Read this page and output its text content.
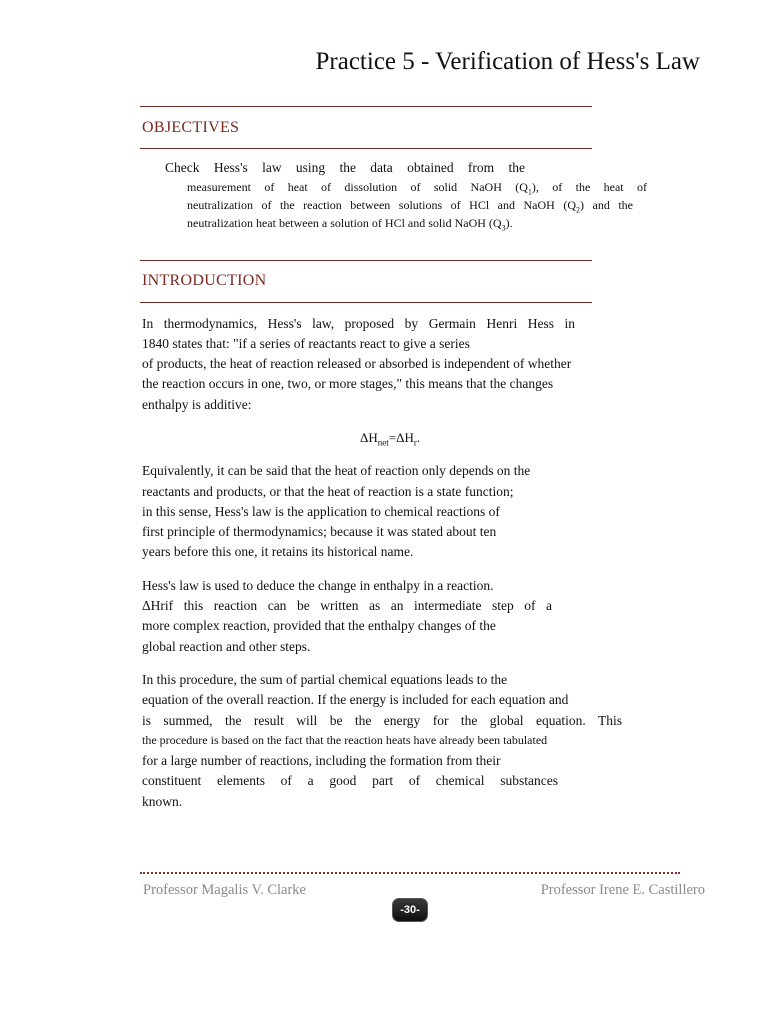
Practice 5 - Verification of Hess's Law
OBJECTIVES
Check Hess's law using the data obtained from the
measurement of heat of dissolution of solid NaOH $(Q_1)$, of the heat of
neutralization of the reaction between solutions of HCl and NaOH $(Q_2)$ and the
neutralization heat between a solution of HCl and solid NaOH $(Q_3)$.
INTRODUCTION
In thermodynamics, Hess's law, proposed by Germain Henri Hess in
1840 states that: "if a series of reactants react to give a series
of products, the heat of reaction released or absorbed is independent of whether
the reaction occurs in one, two, or more stages," this means that the changes
enthalpy is additive:
$\Delta H_{net}=\Delta H_r$.
Equivalently, it can be said that the heat of reaction only depends on the
reactants and products, or that the heat of reaction is a state function;
in this sense, Hess's law is the application to chemical reactions of
first principle of thermodynamics; because it was stated about ten
years before this one, it retains its historical name.
Hess's law is used to deduce the change in enthalpy in a reaction.
ΔHrif this reaction can be written as an intermediate step of a
more complex reaction, provided that the enthalpy changes of the
global reaction and other steps.
In this procedure, the sum of partial chemical equations leads to the
equation of the overall reaction. If the energy is included for each equation and
is summed, the result will be the energy for the global equation. This
the procedure is based on the fact that the reaction heats have already been tabulated
for a large number of reactions, including the formation from their
constituent elements of a good part of chemical substances
known.
Professor Magalis V. Clarke	Professor Irene E. Castillero
-30-
